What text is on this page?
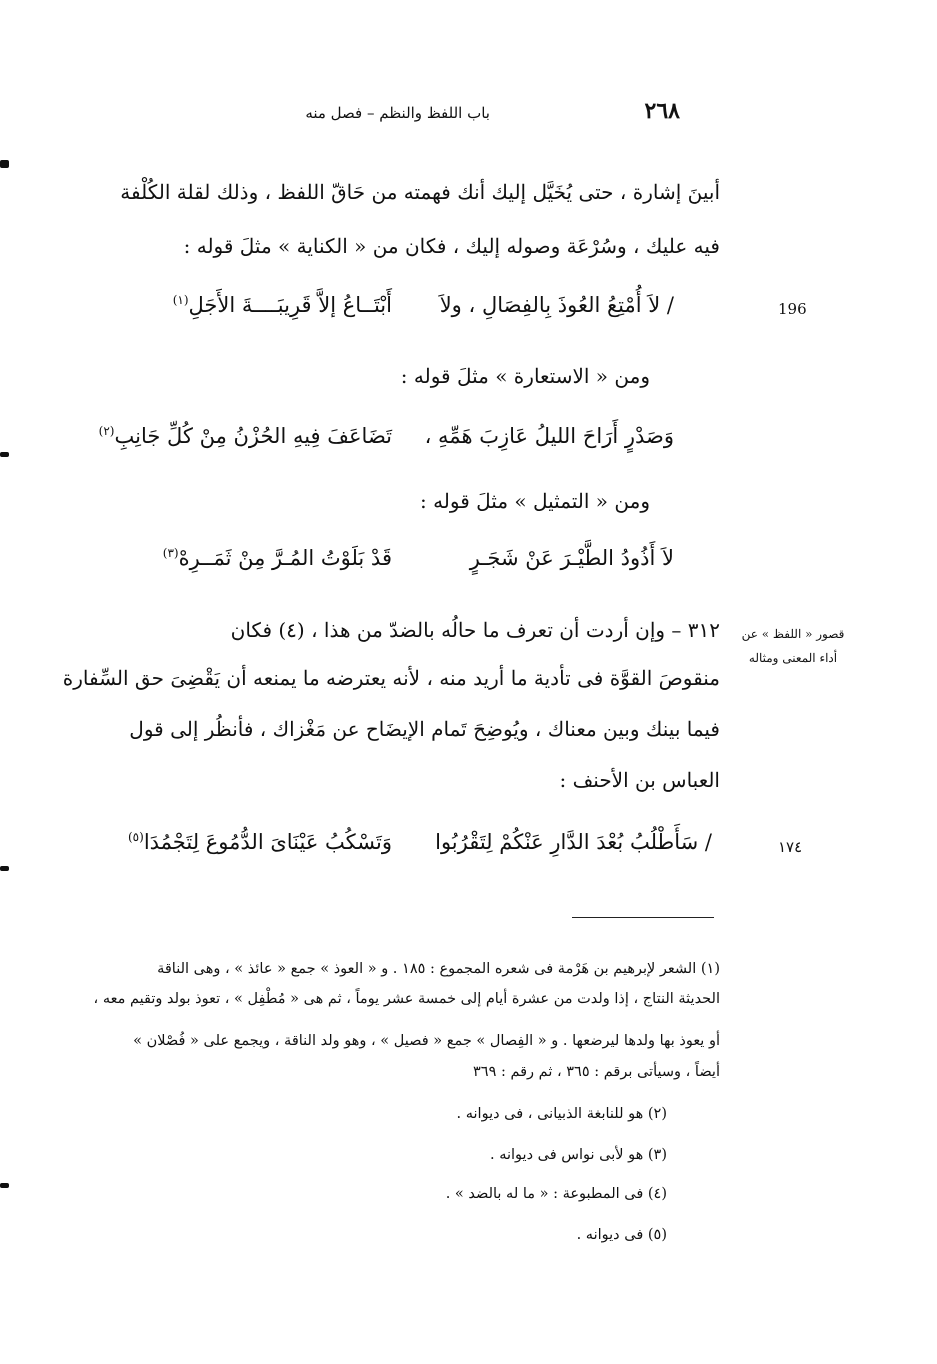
٢٦٨
باب اللفظ والنظم – فصل منه
أبينَ إشارة ، حتى يُخَيَّل إليك أنك فهمته من حَاقّ اللفظ ، وذلك لقلة الكُلْفة
فيه عليك ، وسُرْعَة وصوله إليك ، فكان من « الكناية » مثلَ قوله :
196
/ لاَ أُمْتِعُ العُوذَ بِالفِصَالِ ، ولاَ
أَبْتَــاعُ إلاَّ قَرِيبَــــةَ الأَجَلِ$^{(١)}$
ومن « الاستعارة » مثلَ قوله :
وَصَدْرٍ أَرَاحَ الليلُ عَازِبَ هَمِّهِ ،
تَضَاعَفَ فِيهِ الحُزْنُ مِنْ كُلِّ جَانِبِ$^{(٢)}$
ومن « التمثيل » مثلَ قوله :
لاَ أَذُودُ الطَّيْـرَ عَنْ شَجَـرٍ
قَدْ بَلَوْتُ المُـرَّ مِنْ ثَمَــرِهْ$^{(٣)}$
قصور « اللفظ » عن
أداء المعنى ومثاله
٣١٢ – وإن أردت أن تعرف ما حالُه بالضدّ من هذا ، (٤) فكان
منقوصَ القوَّة فى تأدية ما أريد منه ، لأنه يعترضه ما يمنعه أن يَقْضِىَ حق السِّفارة
فيما بينك وبين معناك ، ويُوضِحَ تَمام الإيضَاح عن مَغْزاك ، فأنظُر إلى قول
العباس بن الأحنف :
١٧٤
/ سَأَطْلُبُ بُعْدَ الدَّارِ عَنْكُمْ لِتَقْرُبُوا
وَتَسْكُبُ عَيْنَاىَ الدُّمُوعَ لِتَجْمُدَا$^{(٥)}$
(١) الشعر لإبرهيم بن هَرْمة فى شعره المجموع : ١٨٥ . و « العوذ » جمع « عائذ » ، وهى الناقة
الحديثة النتاج ، إذا ولدت من عشرة أيام إلى خمسة عشر يوماً ، ثم هى « مُطْفِل » ، تعوذ بولد وتقيم معه ،
أو يعوذ بها ولدها ليرضعها . و « الفِصال » جمع « فصيل » ، وهو ولد الناقة ، ويجمع على « فُصْلان »
أيضاً ، وسيأتى برقم : ٣٦٥ ، ثم رقم : ٣٦٩
(٢) هو للنابغة الذبيانى ، فى ديوانه .
(٣) هو لأبى نواس فى ديوانه .
(٤) فى المطبوعة : « ما له بالضد » .
(٥) فى ديوانه .
